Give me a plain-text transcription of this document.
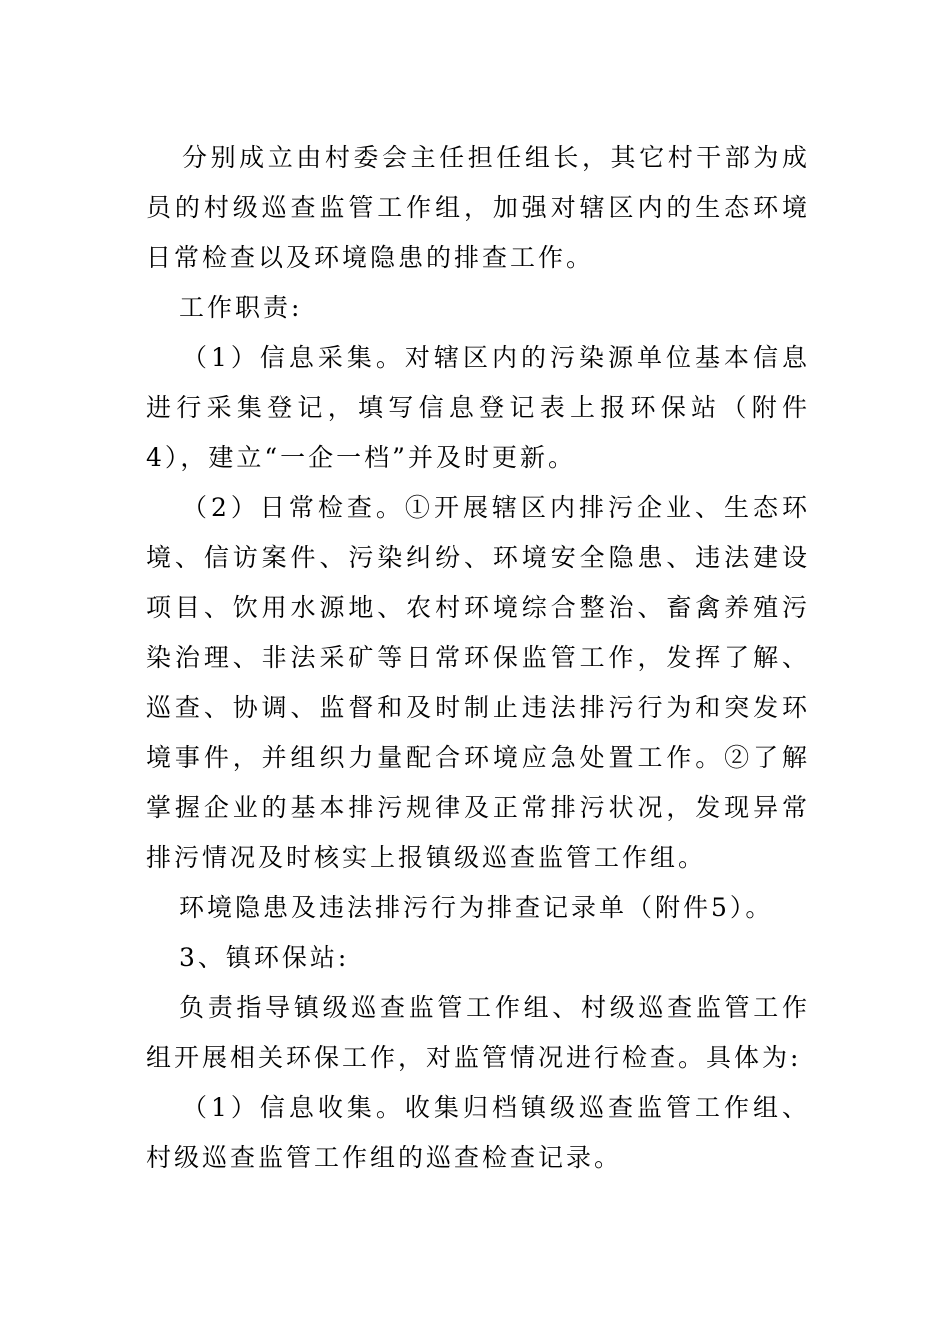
分别成立由村委会主任担任组长，其它村干部为成员的村级巡查监管工作组，加强对辖区内的生态环境日常检查以及环境隐患的排查工作。

工作职责:

（1）信息采集。对辖区内的污染源单位基本信息进行采集登记，填写信息登记表上报环保站（附件4），建立“一企一档”并及时更新。

（2）日常检查。①开展辖区内排污企业、生态环境、信访案件、污染纠纷、环境安全隐患、违法建设项目、饮用水源地、农村环境综合整治、畜禽养殖污染治理、非法采矿等日常环保监管工作，发挥了解、巡查、协调、监督和及时制止违法排污行为和突发环境事件，并组织力量配合环境应急处置工作。②了解掌握企业的基本排污规律及正常排污状况，发现异常排污情况及时核实上报镇级巡查监管工作组。

环境隐患及违法排污行为排查记录单（附件5）。

3、镇环保站:

负责指导镇级巡查监管工作组、村级巡查监管工作组开展相关环保工作，对监管情况进行检查。具体为:

（1）信息收集。收集归档镇级巡查监管工作组、村级巡查监管工作组的巡查检查记录。
